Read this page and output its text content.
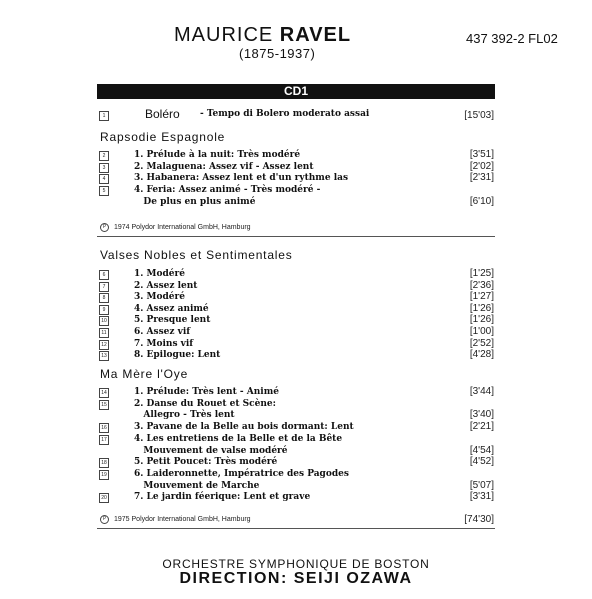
MAURICE RAVEL
(1875-1937)
437 392-2 FL02
CD1
1	Boléro - Tempo di Bolero moderato assai	[15'03]
Rapsodie Espagnole
2	1. Prélude à la nuit: Très modéré	[3'51]
3	2. Malaguena: Assez vif - Assez lent	[2'02]
4	3. Habanera: Assez lent et d'un rythme las	[2'31]
5	4. Feria: Assez animé - Très modéré -
De plus en plus animé	[6'10]
P	1974 Polydor International GmbH, Hamburg
Valses Nobles et Sentimentales
6	1. Modéré	[1'25]
7	2. Assez lent	[2'36]
8	3. Modéré	[1'27]
9	4. Assez animé	[1'26]
10	5. Presque lent	[1'26]
11	6. Assez vif	[1'00]
12	7. Moins vif	[2'52]
13	8. Epilogue: Lent	[4'28]
Ma Mère l'Oye
14	1. Prélude: Très lent - Animé	[3'44]
15	2. Danse du Rouet et Scène:
Allegro - Très lent	[3'40]
16	3. Pavane de la Belle au bois dormant: Lent	[2'21]
17	4. Les entretiens de la Belle et de la Bête
Mouvement de valse modéré	[4'54]
18	5. Petit Poucet: Très modéré	[4'52]
19	6. Laideronnette, Impératrice des Pagodes
Mouvement de Marche	[5'07]
20	7. Le jardin féerique: Lent et grave	[3'31]
P	1975 Polydor International GmbH, Hamburg	[74'30]
ORCHESTRE SYMPHONIQUE DE BOSTON
DIRECTION: SEIJI OZAWA
